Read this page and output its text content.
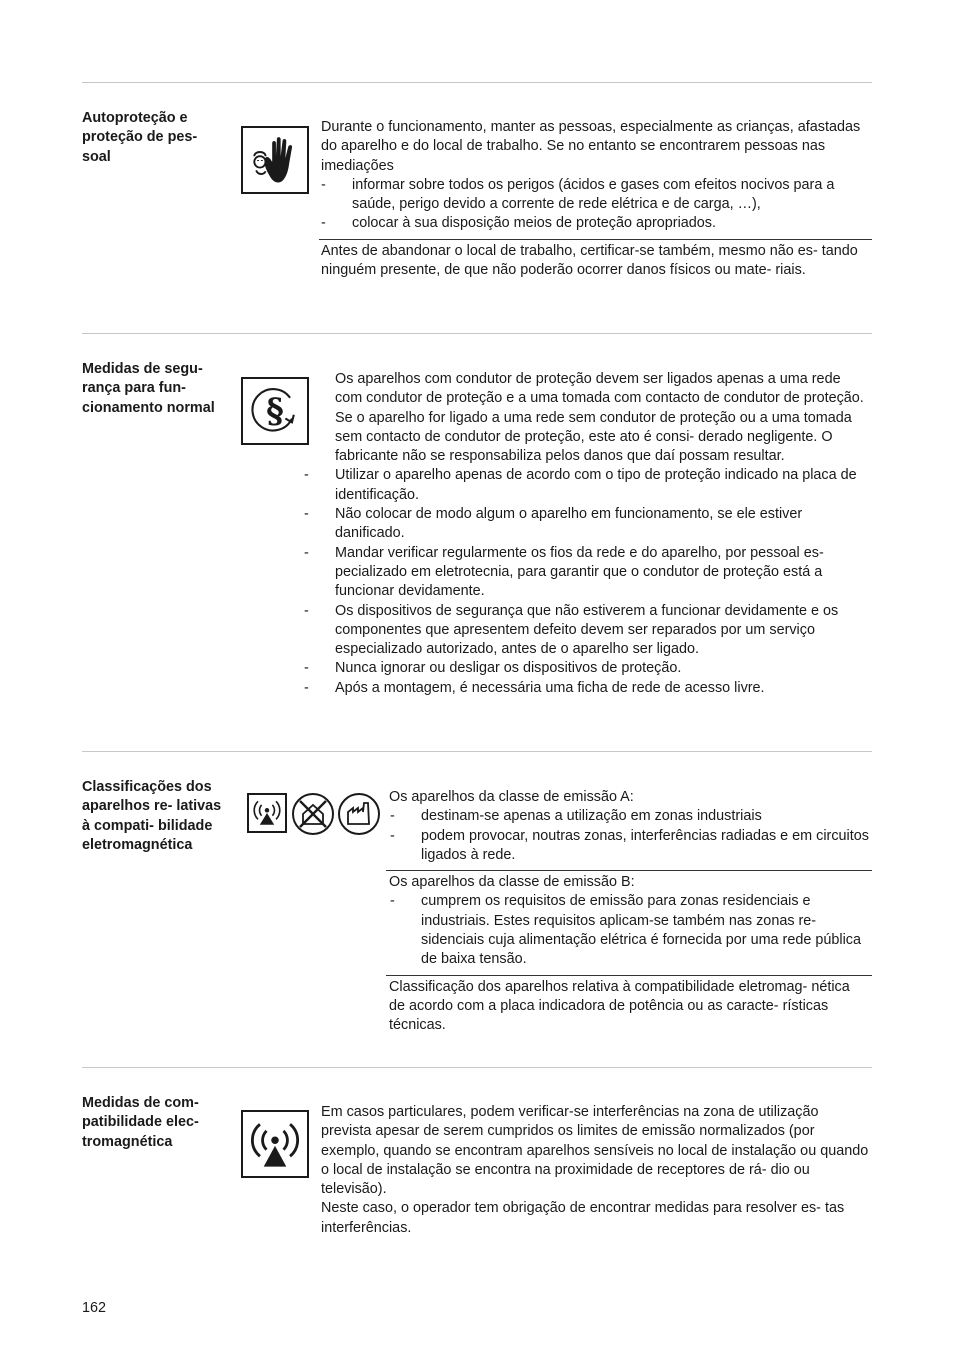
Autoproteção e proteção de pes- soal

Durante o funcionamento, manter as pessoas, especialmente as crianças, afastadas do aparelho e do local de trabalho. Se no entanto se encontrarem pessoas nas imediações

- informar sobre todos os perigos (ácidos e gases com efeitos nocivos para a saúde, perigo devido a corrente de rede elétrica e de carga, …),
- colocar à sua disposição meios de proteção apropriados.

Antes de abandonar o local de trabalho, certificar-se também, mesmo não es- tando ninguém presente, de que não poderão ocorrer danos físicos ou mate- riais.

Medidas de segu- rança para fun- cionamento normal §

Os aparelhos com condutor de proteção devem ser ligados apenas a uma rede com condutor de proteção e a uma tomada com contacto de condutor de proteção. Se o aparelho for ligado a uma rede sem condutor de proteção ou a uma tomada sem contacto de condutor de proteção, este ato é consi- derado negligente. O fabricante não se responsabiliza pelos danos que daí possam resultar.

- Utilizar o aparelho apenas de acordo com o tipo de proteção indicado na placa de identificação.
- Não colocar de modo algum o aparelho em funcionamento, se ele estiver danificado.
- Mandar verificar regularmente os fios da rede e do aparelho, por pessoal es- pecializado em eletrotecnia, para garantir que o condutor de proteção está a funcionar devidamente.
- Os dispositivos de segurança que não estiverem a funcionar devidamente e os componentes que apresentem defeito devem ser reparados por um serviço especializado autorizado, antes de o aparelho ser ligado.
- Nunca ignorar ou desligar os dispositivos de proteção.
- Após a montagem, é necessária uma ficha de rede de acesso livre.
Classificações dos aparelhos re- lativas à compati- bilidade eletromagnética

Os aparelhos da classe de emissão A:

- destinam-se apenas a utilização em zonas industriais
- podem provocar, noutras zonas, interferências radiadas e em circuitos ligados à rede.

Os aparelhos da classe de emissão B:

- cumprem os requisitos de emissão para zonas residenciais e industriais. Estes requisitos aplicam-se também nas zonas re- sidenciais cuja alimentação elétrica é fornecida por uma rede pública de baixa tensão.

Classificação dos aparelhos relativa à compatibilidade eletromag- nética de acordo com a placa indicadora de potência ou as caracte- rísticas técnicas.

Medidas de com- patibilidade elec- tromagnética

Em casos particulares, podem verificar-se interferências na zona de utilização prevista apesar de serem cumpridos os limites de emissão normalizados (por exemplo, quando se encontram aparelhos sensíveis no local de instalação ou quando o local de instalação se encontra na proximidade de receptores de rá- dio ou televisão).

Neste caso, o operador tem obrigação de encontrar medidas para resolver es- tas interferências.

162
